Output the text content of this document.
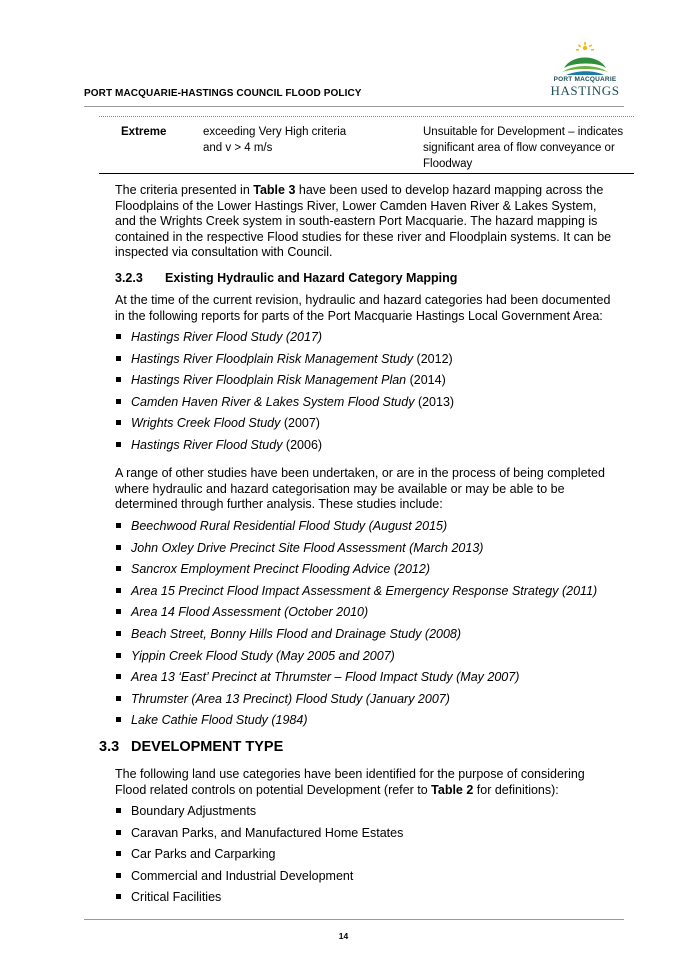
PORT MACQUARIE-HASTINGS COUNCIL FLOOD POLICY
PORT MACQUARIE
HASTINGS
Extreme	exceeding Very High criteria
and v > 4 m/s
Unsuitable for Development – indicates
significant area of flow conveyance or
Floodway
The criteria presented in Table 3 have been used to develop hazard mapping across the
Floodplains of the Lower Hastings River, Lower Camden Haven River & Lakes System,
and the Wrights Creek system in south-eastern Port Macquarie. The hazard mapping is
contained in the respective Flood studies for these river and Floodplain systems. It can be
inspected via consultation with Council.
3.2.3 Existing Hydraulic and Hazard Category Mapping
At the time of the current revision, hydraulic and hazard categories had been documented
in the following reports for parts of the Port Macquarie Hastings Local Government Area:
Hastings River Flood Study (2017)
Hastings River Floodplain Risk Management Study (2012)
Hastings River Floodplain Risk Management Plan (2014)
Camden Haven River & Lakes System Flood Study (2013)
Wrights Creek Flood Study (2007)
Hastings River Flood Study (2006)
A range of other studies have been undertaken, or are in the process of being completed
where hydraulic and hazard categorisation may be available or may be able to be
determined through further analysis. These studies include:
Beechwood Rural Residential Flood Study (August 2015)
John Oxley Drive Precinct Site Flood Assessment (March 2013)
Sancrox Employment Precinct Flooding Advice (2012)
Area 15 Precinct Flood Impact Assessment & Emergency Response Strategy (2011)
Area 14 Flood Assessment (October 2010)
Beach Street, Bonny Hills Flood and Drainage Study (2008)
Yippin Creek Flood Study (May 2005 and 2007)
Area 13 ‘East’ Precinct at Thrumster – Flood Impact Study (May 2007)
Thrumster (Area 13 Precinct) Flood Study (January 2007)
Lake Cathie Flood Study (1984)
3.3 DEVELOPMENT TYPE
The following land use categories have been identified for the purpose of considering
Flood related controls on potential Development (refer to Table 2 for definitions):
Boundary Adjustments
Caravan Parks, and Manufactured Home Estates
Car Parks and Carparking
Commercial and Industrial Development
Critical Facilities
14
